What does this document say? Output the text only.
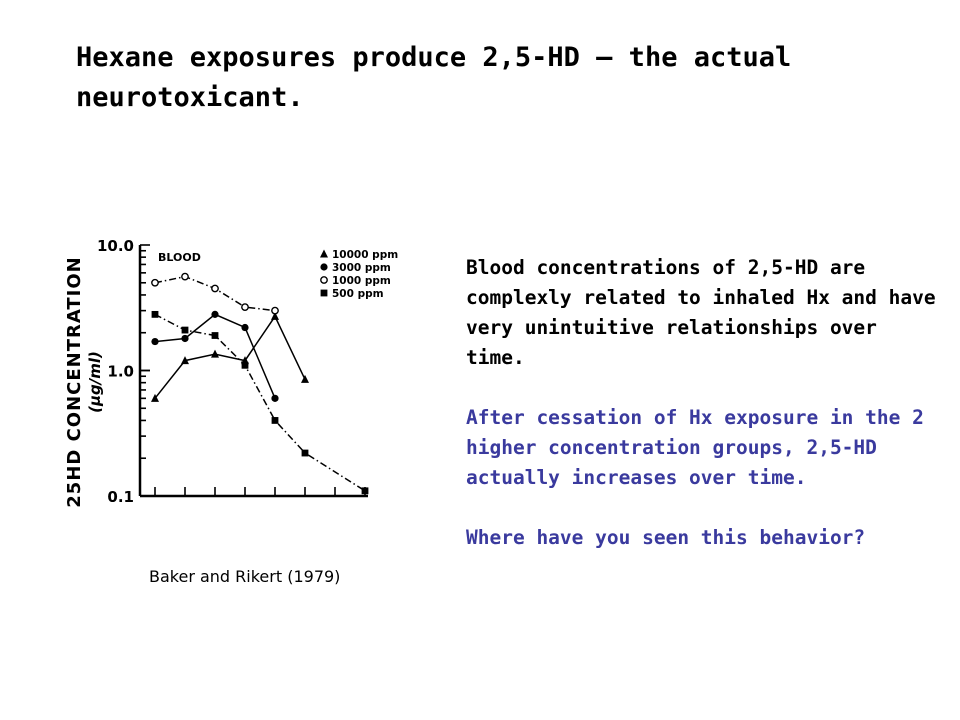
Hexane exposures produce 2,5-HD – the actual neurotoxicant.
25HD CONCENTRATION (µg/ml)
10.0
1.0
0.1
BLOOD	10000 ppm
3000 ppm
1000 ppm
500 ppm
Baker and Rikert (1979)

Blood concentrations of 2,5-HD are complexly related to inhaled Hx and have very unintuitive relationships over time.

After cessation of Hx exposure in the 2 higher concentration groups, 2,5-HD actually increases over time.

Where have you seen this behavior?
